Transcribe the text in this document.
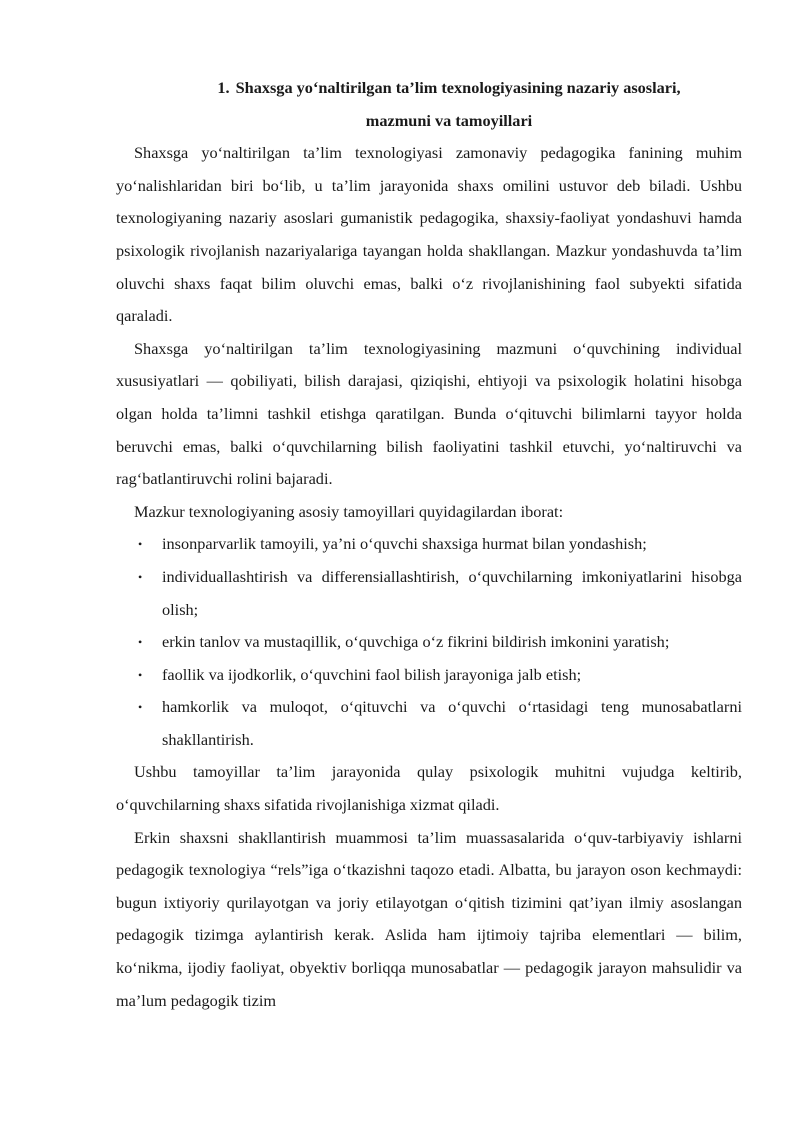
1. Shaxsga yo‘naltirilgan ta’lim texnologiyasining nazariy asoslari,
mazmuni va tamoyillari

Shaxsga yo‘naltirilgan ta’lim texnologiyasi zamonaviy pedagogika fanining muhim yo‘nalishlaridan biri bo‘lib, u ta’lim jarayonida shaxs omilini ustuvor deb biladi. Ushbu texnologiyaning nazariy asoslari gumanistik pedagogika, shaxsiy-faoliyat yondashuvi hamda psixologik rivojlanish nazariyalariga tayangan holda shakllangan. Mazkur yondashuvda ta’lim oluvchi shaxs faqat bilim oluvchi emas, balki o‘z rivojlanishining faol subyekti sifatida qaraladi.

Shaxsga yo‘naltirilgan ta’lim texnologiyasining mazmuni o‘quvchining individual xususiyatlari — qobiliyati, bilish darajasi, qiziqishi, ehtiyoji va psixologik holatini hisobga olgan holda ta’limni tashkil etishga qaratilgan. Bunda o‘qituvchi bilimlarni tayyor holda beruvchi emas, balki o‘quvchilarning bilish faoliyatini tashkil etuvchi, yo‘naltiruvchi va rag‘batlantiruvchi rolini bajaradi.

Mazkur texnologiyaning asosiy tamoyillari quyidagilardan iborat:

• insonparvarlik tamoyili, ya’ni o‘quvchi shaxsiga hurmat bilan yondashish;
• individuallashtirish va differensiallashtirish, o‘quvchilarning imkoniyatlarini hisobga olish;
• erkin tanlov va mustaqillik, o‘quvchiga o‘z fikrini bildirish imkonini yaratish;
• faollik va ijodkorlik, o‘quvchini faol bilish jarayoniga jalb etish;
• hamkorlik va muloqot, o‘qituvchi va o‘quvchi o‘rtasidagi teng munosabatlarni shakllantirish.

Ushbu tamoyillar ta’lim jarayonida qulay psixologik muhitni vujudga keltirib, o‘quvchilarning shaxs sifatida rivojlanishiga xizmat qiladi.

Erkin shaxsni shakllantirish muammosi ta’lim muassasalarida o‘quv-tarbiyaviy ishlarni pedagogik texnologiya “rels”iga o‘tkazishni taqozo etadi. Albatta, bu jarayon oson kechmaydi: bugun ixtiyoriy qurilayotgan va joriy etilayotgan o‘qitish tizimini qat’iyan ilmiy asoslangan pedagogik tizimga aylantirish kerak. Aslida ham ijtimoiy tajriba elementlari — bilim, ko‘nikma, ijodiy faoliyat, obyektiv borliqqa munosabatlar — pedagogik jarayon mahsulidir va ma’lum pedagogik tizim
